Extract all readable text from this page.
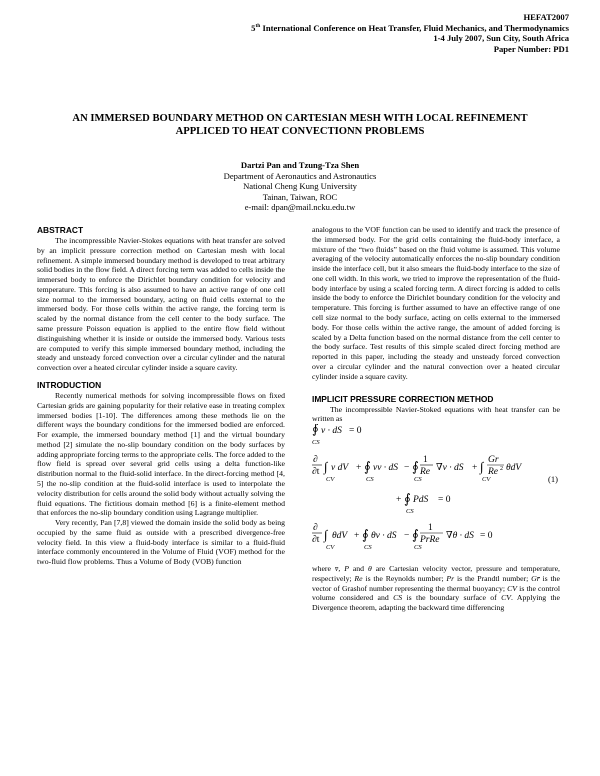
HEFAT2007
5th International Conference on Heat Transfer, Fluid Mechanics, and Thermodynamics
1-4 July 2007, Sun City, South Africa
Paper Number: PD1
AN IMMERSED BOUNDARY METHOD ON CARTESIAN MESH WITH LOCAL REFINEMENT
APPLICED TO HEAT CONVECTIONN PROBLEMS
Dartzi Pan and Tzung-Tza Shen
Department of Aeronautics and Astronautics
National Cheng Kung University
Tainan, Taiwan, ROC
e-mail: dpan@mail.ncku.edu.tw
ABSTRACT

The incompressible Navier-Stokes equations with heat transfer are solved by an implicit pressure correction method on Cartesian mesh with local refinement. A simple immersed boundary method is developed to treat arbitrary solid bodies in the flow field. A direct forcing term was added to cells inside the immersed body to enforce the Dirichlet boundary condition for velocity and temperature. This forcing is also assumed to have an active range of one cell size normal to the immersed boundary, acting on fluid cells external to the immersed body. For those cells within the active range, the forcing term is scaled by the normal distance from the cell center to the body surface. The same pressure Poisson equation is applied to the entire flow field without distinguishing whether it is inside or outside the immersed body. Various tests are computed to verify this simple immersed boundary method, including the steady and unsteady forced convection over a circular cylinder and the natural convection over a heated circular cylinder inside a square cavity.

INTRODUCTION

Recently numerical methods for solving incompressible flows on fixed Cartesian grids are gaining popularity for their relative ease in treating complex immersed bodies [1-10]. The differences among these methods lie on the different ways the boundary conditions for the immersed bodied are enforced. For example, the immersed boundary method [1] and the virtual boundary method [2] simulate the no-slip boundary condition on the body surfaces by adding appropriate forcing terms to the appropriate cells. The force added to the flow field is spread over several grid cells using a delta function-like distribution normal to the fluid-solid interface. In the direct-forcing method [4, 5] the no-slip condition at the fluid-solid interface is used to interpolate the velocity distribution for cells around the solid body without actually solving the fluid equations. The fictitious domain method [6] is a finite-element method that enforces the no-slip boundary condition using Lagrange multiplier.

Very recently, Pan [7,8] viewed the domain inside the solid body as being occupied by the same fluid as outside with a prescribed divergence-free velocity field. In this view a fluid-body interface is similar to a fluid-fluid interface commonly encountered in the Volume of Fluid (VOF) method for the two-fluid flow problems. Thus a Volume of Body (VOB) function

analogous to the VOF function can be used to identify and track the presence of the immersed body. For the grid cells containing the fluid-body interface, a mixture of the “two fluids” based on the fluid volume is assumed. This volume averaging of the velocity automatically enforces the no-slip boundary condition inside the interface cell, but it also smears the fluid-body interface to the size of one cell width. In this work, we tried to improve the representation of the fluid-body interface by using a scaled forcing term. A direct forcing is added to cells inside the body to enforce the Dirichlet boundary condition for the velocity and temperature. This forcing is further assumed to have an effective range of one cell size normal to the body surface, acting on cells external to the immersed body. For those cells within the active range, the amount of added forcing is scaled by a Delta function based on the normal distance from the cell center to the body surface. Test results of this simple scaled direct forcing method are reported in this paper, including the steady and unsteady forced convection over a circular cylinder and the natural convection over a heated circular cylinder inside a square cavity.

IMPLICIT PRESSURE CORRECTION METHOD

The incompressible Navier-Stoked equations with heat transfer can be written as

∮ v · dS = 0
CS
∂
∂t ∫ v dV
CV
+ ∮ vv · dS
CS
− ∮ 1
Re ∇v · dS
CS
+ ∫ Gr
Re 2 θdV
CV	(1)
+ ∮ PdS = 0
CS
∂
∂t ∫ θdV
CV
+ ∮ θv · dS
CS
− ∮ 1
PrRe ∇θ · dS = 0
CS

where v̄, P and θ are Cartesian velocity vector, pressure and temperature, respectively; Re is the Reynolds number; Pr is the Prandtl number; Gr̄ is the vector of Grashof number representing the thermal buoyancy; CV is the control volume considered and CS is the boundary surface of CV. Applying the Divergence theorem, adapting the backward time differencing
